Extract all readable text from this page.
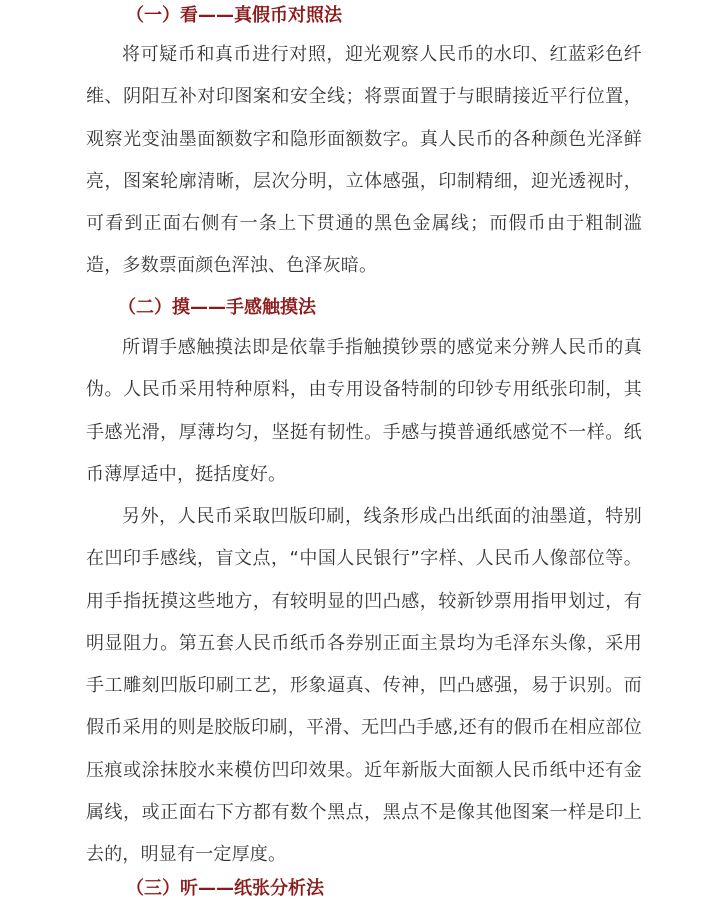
（一）看——真假币对照法

将可疑币和真币进行对照，迎光观察人民币的水印、红蓝彩色纤维、阴阳互补对印图案和安全线；将票面置于与眼睛接近平行位置，观察光变油墨面额数字和隐形面额数字。真人民币的各种颜色光泽鲜亮，图案轮廓清晰，层次分明，立体感强，印制精细，迎光透视时，可看到正面右侧有一条上下贯通的黑色金属线；而假币由于粗制滥造，多数票面颜色浑浊、色泽灰暗。

（二）摸——手感触摸法

所谓手感触摸法即是依靠手指触摸钞票的感觉来分辨人民币的真伪。人民币采用特种原料，由专用设备特制的印钞专用纸张印制，其手感光滑，厚薄均匀，坚挺有韧性。手感与摸普通纸感觉不一样。纸币薄厚适中，挺括度好。

另外，人民币采取凹版印刷，线条形成凸出纸面的油墨道，特别在凹印手感线，盲文点，“中国人民银行”字样、人民币人像部位等。用手指抚摸这些地方，有较明显的凹凸感，较新钞票用指甲划过，有明显阻力。第五套人民币纸币各券别正面主景均为毛泽东头像，采用手工雕刻凹版印刷工艺，形象逼真、传神，凹凸感强，易于识别。而假币采用的则是胶版印刷，平滑、无凹凸手感,还有的假币在相应部位压痕或涂抹胶水来模仿凹印效果。近年新版大面额人民币纸中还有金属线，或正面右下方都有数个黑点，黑点不是像其他图案一样是印上去的，明显有一定厚度。

（三）听——纸张分析法
